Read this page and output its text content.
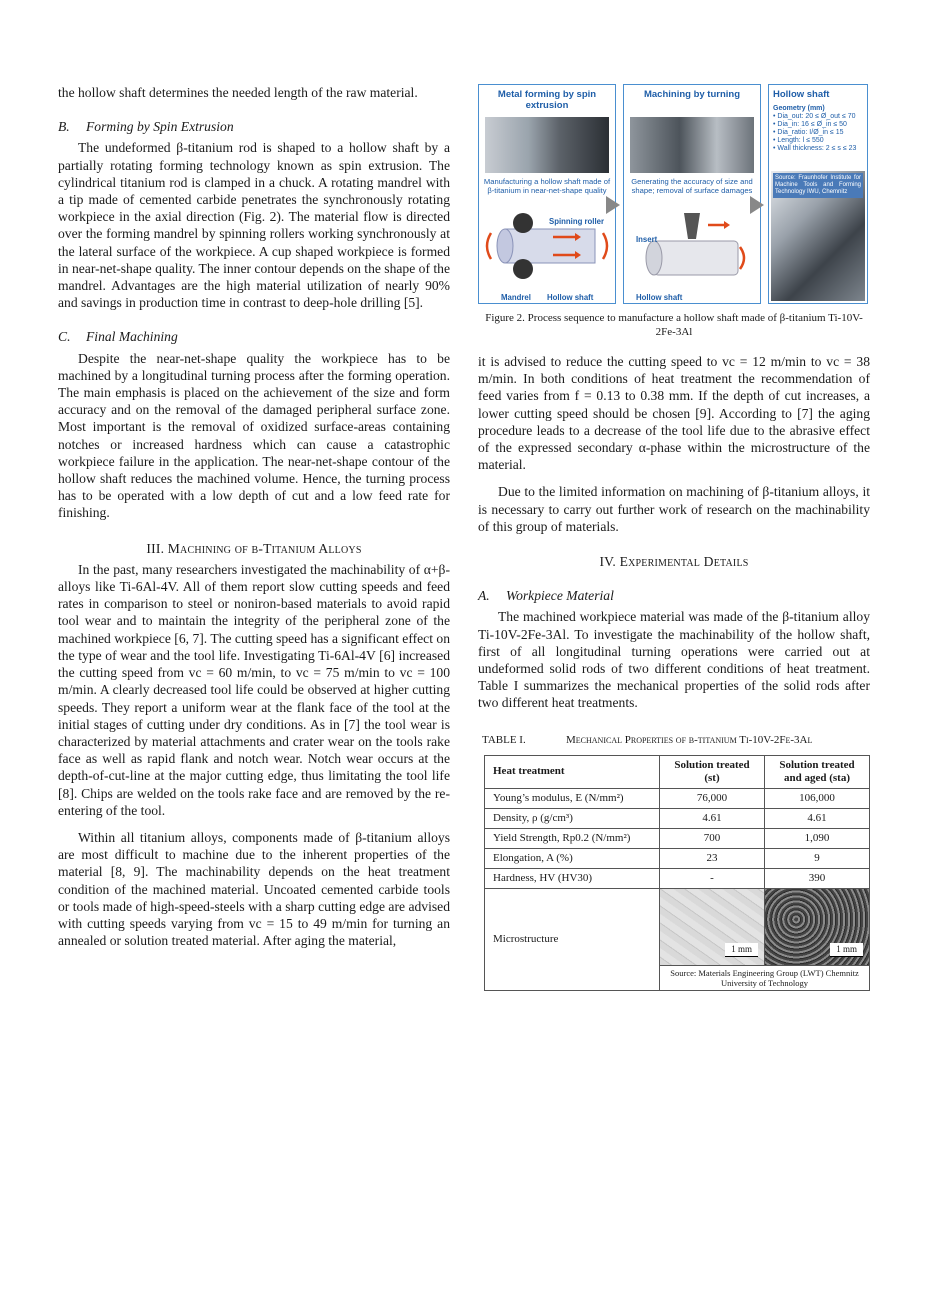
the hollow shaft determines the needed length of the raw material.

B. Forming by Spin Extrusion

The undeformed β-titanium rod is shaped to a hollow shaft by a partially rotating forming technology known as spin extrusion. The cylindrical titanium rod is clamped in a chuck. A rotating mandrel with a tip made of cemented carbide penetrates the synchronously rotating workpiece in the axial direction (Fig. 2). The material flow is directed over the forming mandrel by spinning rollers working synchronously at the lateral surface of the workpiece. A cup shaped workpiece is formed in near-net-shape quality. The inner contour depends on the shape of the mandrel. Advantages are the high material utilization of nearly 90% and savings in production time in contrast to deep-hole drilling [5].

C. Final Machining

Despite the near-net-shape quality the workpiece has to be machined by a longitudinal turning process after the forming operation. The main emphasis is placed on the achievement of the size and form accuracy and on the removal of the damaged peripheral surface zone. Most important is the removal of oxidized surface-areas containing notches or increased hardness which can cause a catastrophic workpiece failure in the application. The near-net-shape contour of the hollow shaft reduces the machined volume. Hence, the turning process has to be operated with a low depth of cut and a low feed rate for finishing.

III. Machining of β-Titanium Alloys

In the past, many researchers investigated the machinability of α+β-alloys like Ti-6Al-4V. All of them report slow cutting speeds and feed rates in comparison to steel or noniron-based materials to avoid rapid tool wear and to maintain the integrity of the peripheral zone of the machined workpiece [6, 7]. The cutting speed has a significant effect on the type of wear and the tool life. Investigating Ti-6Al-4V [6] increased the cutting speed from vc = 60 m/min, to vc = 75 m/min to vc = 100 m/min. A clearly decreased tool life could be observed at higher cutting speeds. They report a uniform wear at the flank face of the tool at the initial stages of cutting under dry conditions. As in [7] the tool wear is characterized by material attachments and crater wear on the tools rake face as well as rapid flank and notch wear. Notch wear occurs at the depth-of-cut-line at the major cutting edge, thus limitating the tool life [8]. Chips are welded on the tools rake face and are removed by the re-entering of the tool.

Within all titanium alloys, components made of β-titanium alloys are most difficult to machine due to the inherent properties of the material [8, 9]. The machinability depends on the heat treatment condition of the machined material. Uncoated cemented carbide tools or tools made of high-speed-steels with a sharp cutting edge are advised with cutting speeds varying from vc = 15 to 49 m/min for turning an annealed or solution treated material. After aging the material,

Metal forming by spin extrusion
Manufacturing a hollow shaft made of β-titanium in near-net-shape quality
Spinning roller
Mandrel Hollow shaft
Machining by turning
Generating the accuracy of size and shape; removal of surface damages
Insert
Hollow shaft
Hollow shaft
Geometry (mm)
• Dia_out: 20 ≤ Ø_out ≤ 70
• Dia_in: 16 ≤ Ø_in ≤ 50
• Dia_ratio: I/Ø_in ≤ 15
• Length: l ≤ 550
• Wall thickness: 2 ≤ s ≤ 23
Source: Fraunhofer Institute for Machine Tools and Forming Technology IWU, Chemnitz
Figure 2. Process sequence to manufacture a hollow shaft made of β-titanium Ti-10V-2Fe-3Al

it is advised to reduce the cutting speed to vc = 12 m/min to vc = 38 m/min. In both conditions of heat treatment the recommendation of feed varies from f = 0.13 to 0.38 mm. If the depth of cut increases, a lower cutting speed should be chosen [9]. According to [7] the aging procedure leads to a decrease of the tool life due to the abrasive effect of the expressed secondary α-phase within the microstructure of the material.

Due to the limited information on machining of β-titanium alloys, it is necessary to carry out further work of research on the machinability of this group of materials.

IV. Experimental Details
A. Workpiece Material

The machined workpiece material was made of the β-titanium alloy Ti-10V-2Fe-3Al. To investigate the machinability of the hollow shaft, first of all longitudinal turning operations were carried out at undeformed solid rods of two different conditions of heat treatment. Table I summarizes the mechanical properties of the solid rods after two different heat treatments.

TABLE I.	Mechanical Properties of β-titanium Ti-10V-2Fe-3Al
Heat treatment	Solution treated (st)	Solution treated and aged (sta)
Young’s modulus, E (N/mm²)	76,000	106,000
Density, ρ (g/cm³)	4.61	4.61
Yield Strength, Rp0.2 (N/mm²)	700	1,090
Elongation, A (%)	23	9
Hardness, HV (HV30)	-	390
Microstructure	1 mm 1 mm
Source: Materials Engineering Group (LWT) Chemnitz University of Technology	
